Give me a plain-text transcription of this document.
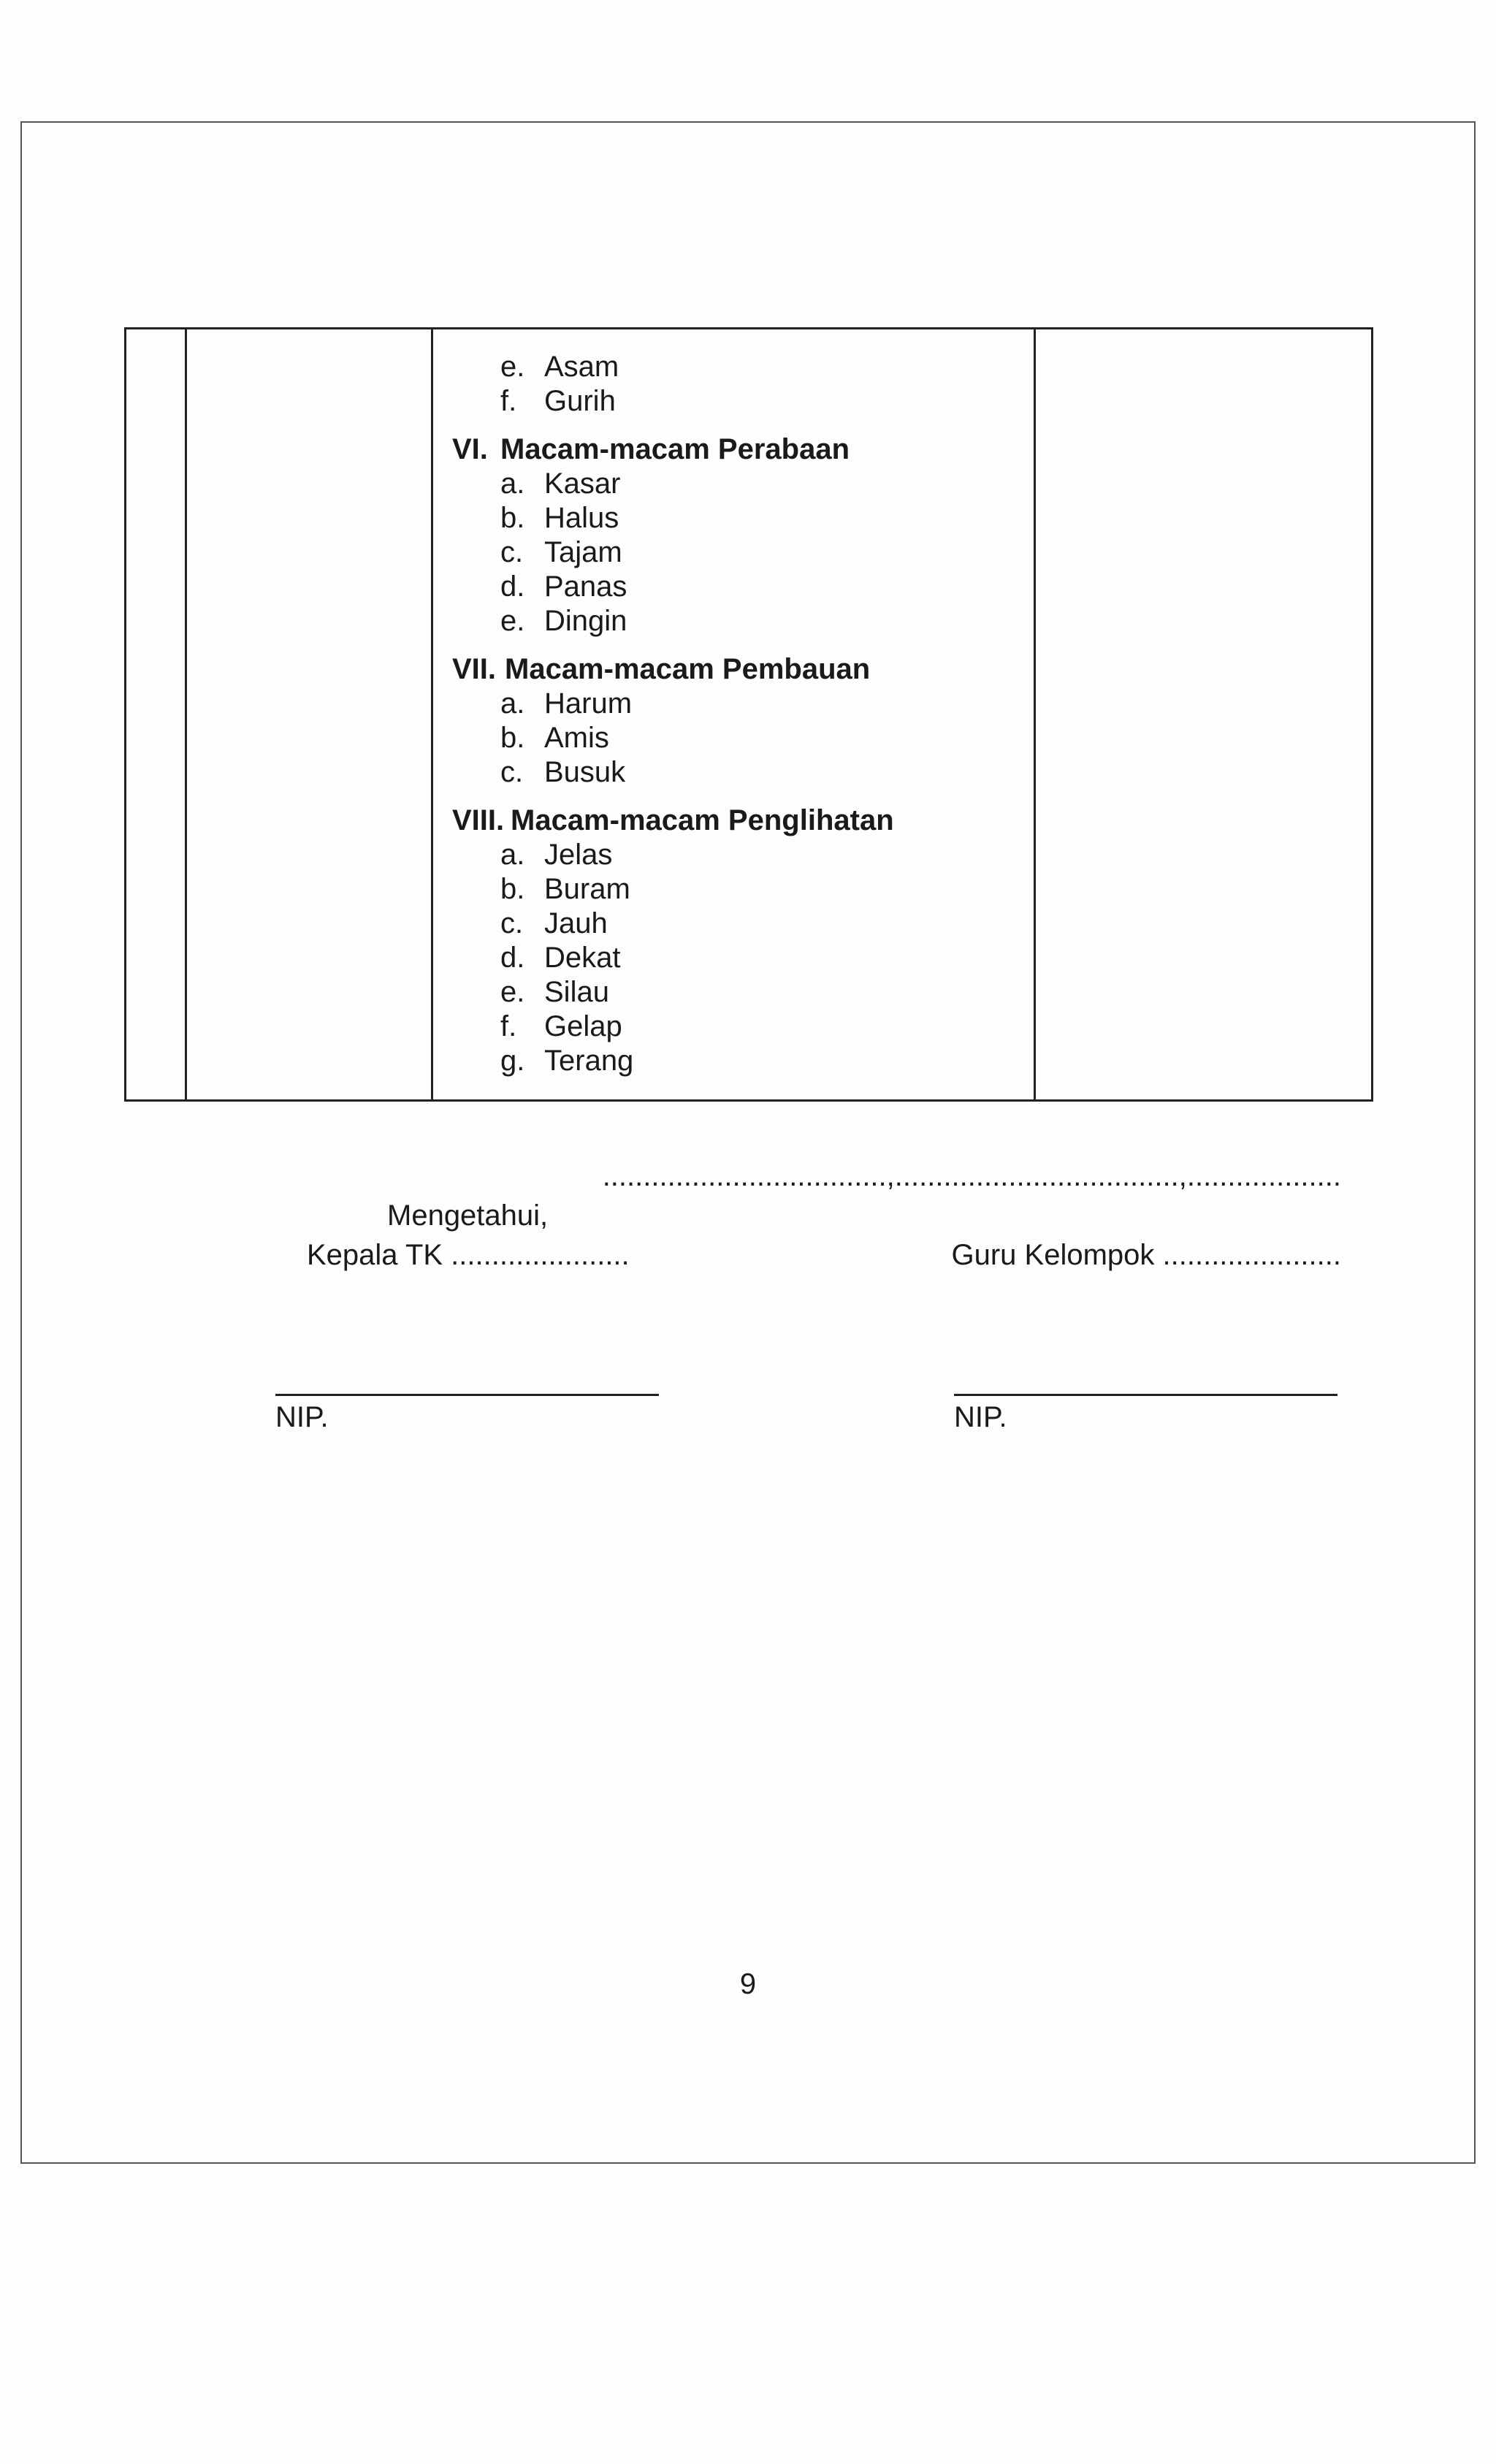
e. Asam
f. Gurih
VI. Macam-macam Perabaan
a. Kasar
b. Halus
c. Tajam
d. Panas
e. Dingin
VII. Macam-macam Pembauan
a. Harum
b. Amis
c. Busuk
VIII. Macam-macam Penglihatan
a. Jelas
b. Buram
c. Jauh
d. Dekat
e. Silau
f. Gelap
g. Terang
...................................,...................................,...................
Mengetahui,
Kepala TK ......................	Guru Kelompok ......................
NIP.	NIP.
9
